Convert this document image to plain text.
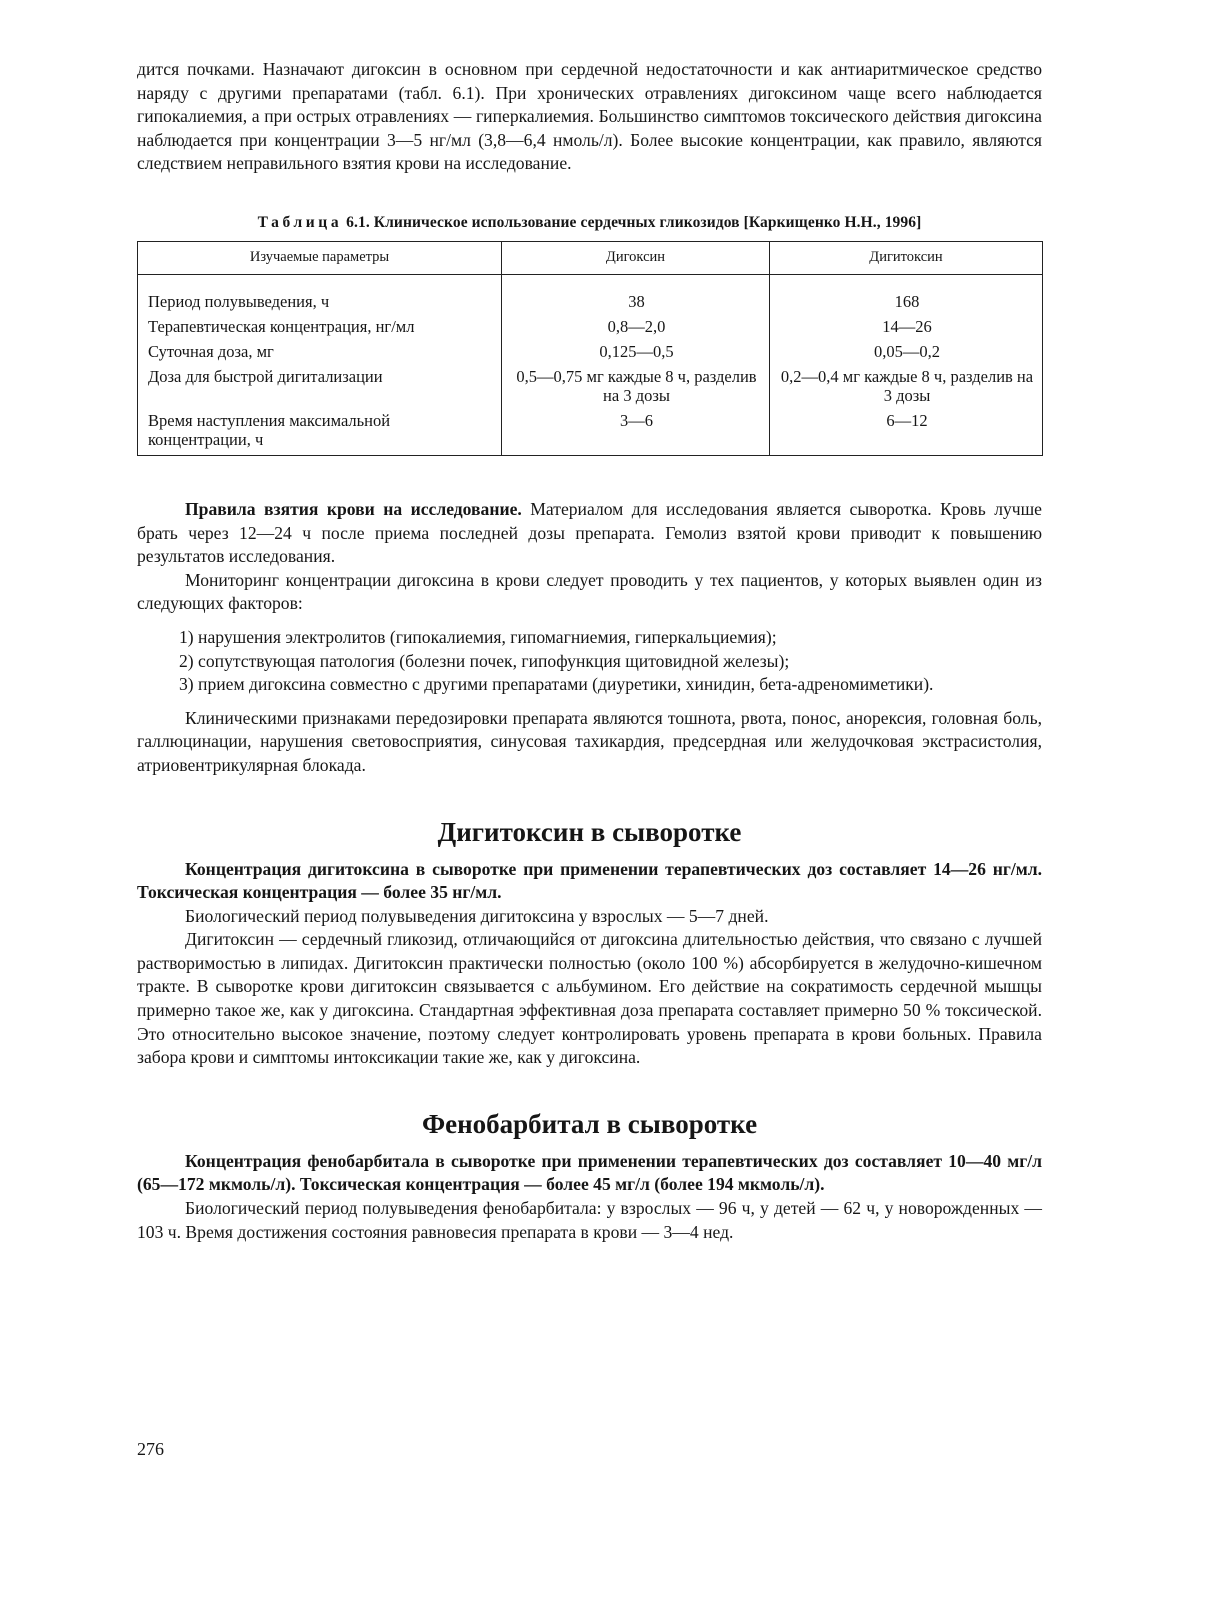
дится почками. Назначают дигоксин в основном при сердечной недостаточности и как антиаритмическое средство наряду с другими препаратами (табл. 6.1). При хронических отравлениях дигоксином чаще всего наблюдается гипокалиемия, а при острых отравлениях — гиперкалиемия. Большинство симптомов токсического действия дигоксина наблюдается при концентрации 3—5 нг/мл (3,8—6,4 нмоль/л). Более высокие концентрации, как правило, являются следствием неправильного взятия крови на исследование.

Таблица 6.1. Клиническое использование сердечных гликозидов [Каркищенко Н.Н., 1996]
Изучаемые параметры	Дигоксин	Дигитоксин
Период полувыведения, ч	38	168
Терапевтическая концентрация, нг/мл	0,8—2,0	14—26
Суточная доза, мг	0,125—0,5	0,05—0,2
Доза для быстрой дигитализации	0,5—0,75 мг каждые 8 ч, разделив на 3 дозы	0,2—0,4 мг каждые 8 ч, разделив на 3 дозы
Время наступления максимальной концентрации, ч	3—6	6—12

Правила взятия крови на исследование. Материалом для исследования является сыворотка. Кровь лучше брать через 12—24 ч после приема последней дозы препарата. Гемолиз взятой крови приводит к повышению результатов исследования.

Мониторинг концентрации дигоксина в крови следует проводить у тех пациентов, у которых выявлен один из следующих факторов:

1) нарушения электролитов (гипокалиемия, гипомагниемия, гиперкальциемия);

2) сопутствующая патология (болезни почек, гипофункция щитовидной железы);

3) прием дигоксина совместно с другими препаратами (диуретики, хинидин, бета-адреномиметики).

Клиническими признаками передозировки препарата являются тошнота, рвота, понос, анорексия, головная боль, галлюцинации, нарушения световосприятия, синусовая тахикардия, предсердная или желудочковая экстрасистолия, атриовентрикулярная блокада.

Дигитоксин в сыворотке

Концентрация дигитоксина в сыворотке при применении терапевтических доз составляет 14—26 нг/мл. Токсическая концентрация — более 35 нг/мл.

Биологический период полувыведения дигитоксина у взрослых — 5—7 дней.

Дигитоксин — сердечный гликозид, отличающийся от дигоксина длительностью действия, что связано с лучшей растворимостью в липидах. Дигитоксин практически полностью (около 100 %) абсорбируется в желудочно-кишечном тракте. В сыворотке крови дигитоксин связывается с альбумином. Его действие на сократимость сердечной мышцы примерно такое же, как у дигоксина. Стандартная эффективная доза препарата составляет примерно 50 % токсической. Это относительно высокое значение, поэтому следует контролировать уровень препарата в крови больных. Правила забора крови и симптомы интоксикации такие же, как у дигоксина.

Фенобарбитал в сыворотке

Концентрация фенобарбитала в сыворотке при применении терапевтических доз составляет 10—40 мг/л (65—172 мкмоль/л). Токсическая концентрация — более 45 мг/л (более 194 мкмоль/л).

Биологический период полувыведения фенобарбитала: у взрослых — 96 ч, у детей — 62 ч, у новорожденных — 103 ч. Время достижения состояния равновесия препарата в крови — 3—4 нед.

276
